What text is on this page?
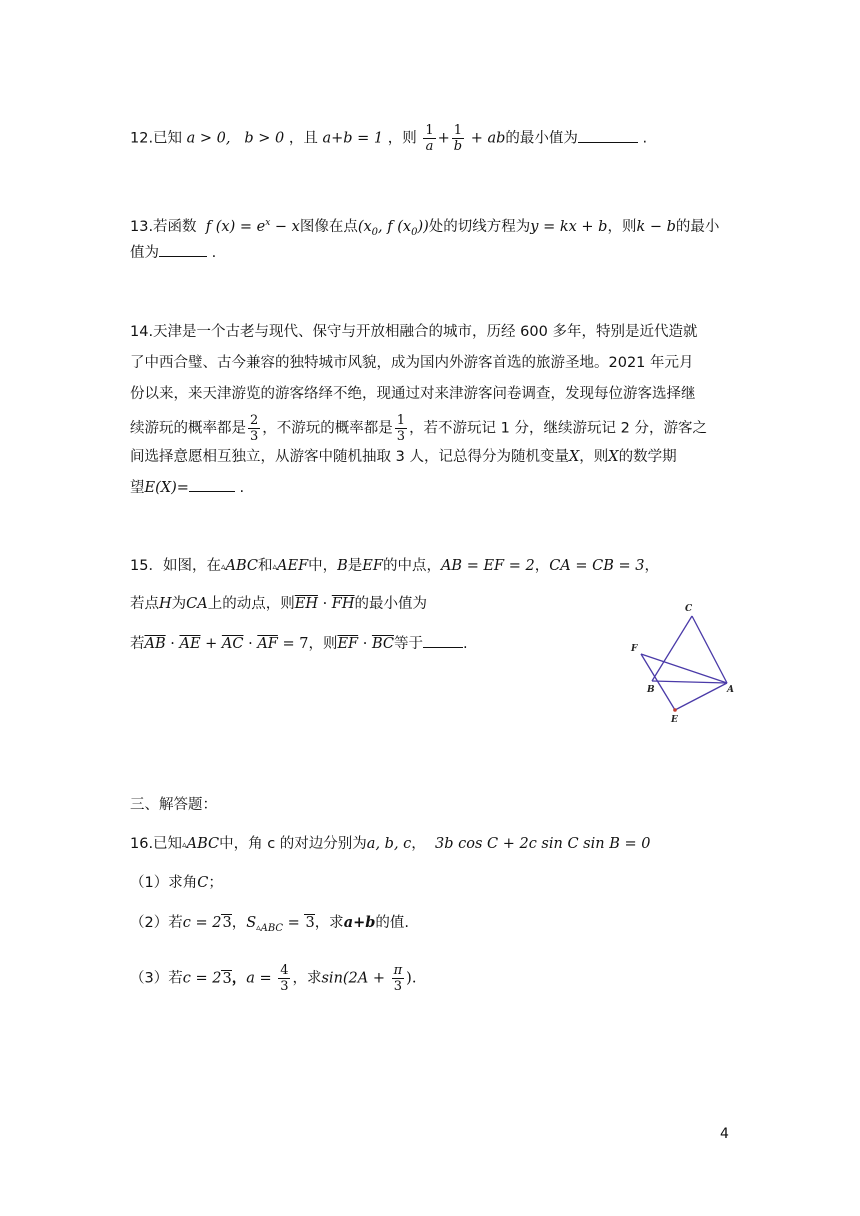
12.已知 a > 0,   b > 0 ，且 a+b = 1 ，则 $\frac{1}{a} + \frac{1}{b}$ + ab的最小值为	.
13.若函数  f $(x) = e^x - x$图像在点($x_0$, f $(x_0)$)处的切线方程为y = kx + b，则k − b的最小
值为	.
14.天津是一个古老与现代、保守与开放相融合的城市，历经 600 多年，特别是近代造就
了中西合璧、古今兼容的独特城市风貌，成为国内外游客首选的旅游圣地。2021 年元月
份以来，来天津游览的游客络绎不绝，现通过对来津游客问卷调查，发现每位游客选择继
续游玩的概率都是 $\frac{2}{3}$ ，不游玩的概率都是 $\frac{1}{3}$ ，若不游玩记 1 分，继续游玩记 2 分，游客之
间选择意愿相互独立，从游客中随机抽取 3 人，记总得分为随机变量X，则X的数学期
望E(X)=	.
15．如图，在▵ABC和▵AEF中，B是EF的中点，AB = EF = 2，CA = CB = 3，
若点H为CA上的动点，则$\overline{EH} \cdot \overline{FH}$的最小值为
若$\overline{AB} \cdot \overline{AE} + \overline{AC} \cdot \overline{AF} = 7$，则$\overline{EF} \cdot \overline{BC}$等于	.
C
F
B	A
E
三、解答题：
16.已知▵ABC中，角 c 的对边分别为a, b, c，  3b cos C + 2c sin C sin B = 0
（1）求角C；
（2）若c = 23，$S_{▵ABC} = 3$，求a+b的值.
（3）若c = 23，$a = \frac{4}{3}$ ，求$\sin(2A + \frac{\pi}{3}$ ).
4
